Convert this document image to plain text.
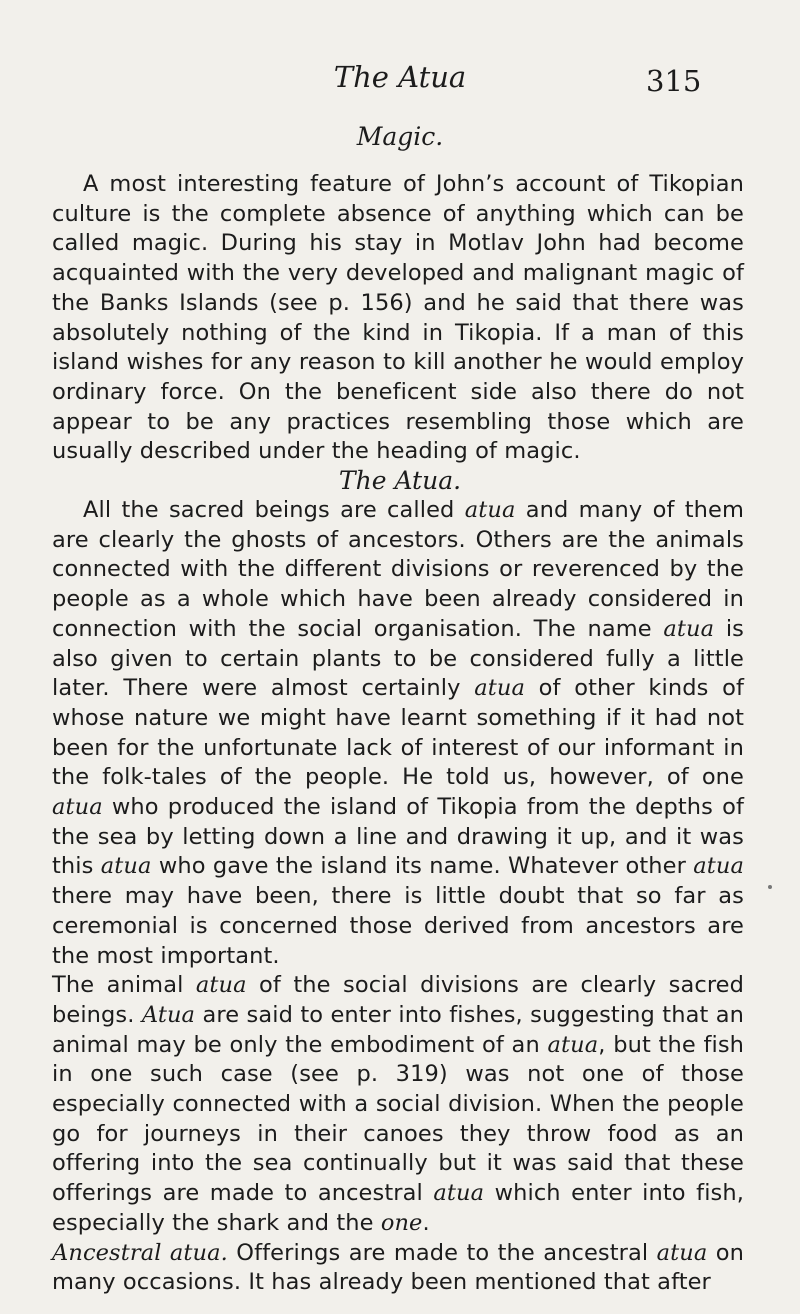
The Atua	315
Magic.

A most interesting feature of John’s account of Tikopian culture is the complete absence of anything which can be called magic. During his stay in Motlav John had become acquainted with the very developed and malignant magic of the Banks Islands (see p. 156) and he said that there was absolutely nothing of the kind in Tikopia. If a man of this island wishes for any reason to kill another he would employ ordinary force. On the beneficent side also there do not appear to be any practices resembling those which are usually described under the heading of magic.

The Atua.

All the sacred beings are called atua and many of them are clearly the ghosts of ancestors. Others are the animals connected with the different divisions or reverenced by the people as a whole which have been already considered in connection with the social organisation. The name atua is also given to certain plants to be considered fully a little later. There were almost certainly atua of other kinds of whose nature we might have learnt something if it had not been for the unfortunate lack of interest of our informant in the folk-tales of the people. He told us, however, of one atua who produced the island of Tikopia from the depths of the sea by letting down a line and drawing it up, and it was this atua who gave the island its name. Whatever other atua there may have been, there is little doubt that so far as ceremonial is concerned those derived from ancestors are the most important.

The animal atua of the social divisions are clearly sacred beings. Atua are said to enter into fishes, suggesting that an animal may be only the embodiment of an atua, but the fish in one such case (see p. 319) was not one of those especially connected with a social division. When the people go for journeys in their canoes they throw food as an offering into the sea continually but it was said that these offerings are made to ancestral atua which enter into fish, especially the shark and the one.

Ancestral atua. Offerings are made to the ancestral atua on many occasions. It has already been mentioned that after
